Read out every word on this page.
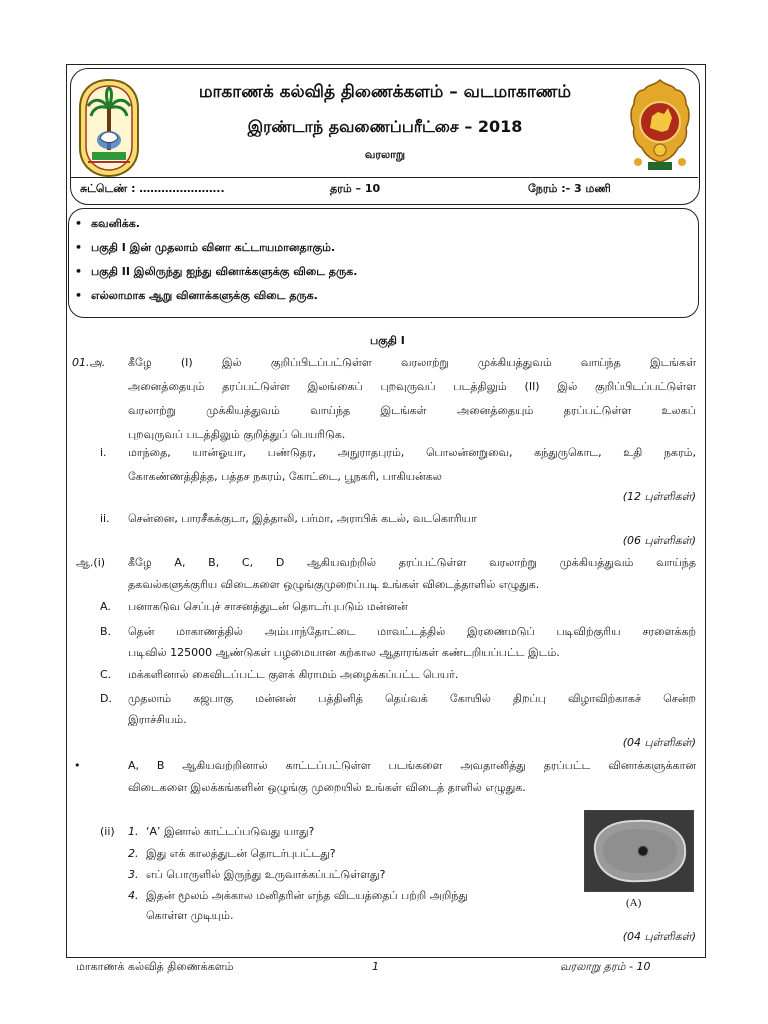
மாகாணக் கல்வித் திணைக்களம் – வடமாகாணம்
இரண்டாந் தவணைப்பரீட்சை – 2018
வரலாறு
சுட்டெண் : …………………..	தரம் – 10	நேரம் :- 3 மணி
• கவனிக்க.
• பகுதி I இன் முதலாம் வினா கட்டாயமானதாகும்.
• பகுதி II இலிருந்து ஐந்து வினாக்களுக்கு விடை தருக.
• எல்லாமாக ஆறு வினாக்களுக்கு விடை தருக.
பகுதி I
01.அ. கீழே (I) இல் குறிப்பிடப்பட்டுள்ள வரலாற்று முக்கியத்துவம் வாய்ந்த இடங்கள்
அனைத்தையும் தரப்பட்டுள்ள இலங்கைப் புறவுருவப் படத்திலும் (II) இல் குறிப்பிடப்பட்டுள்ள
வரலாற்று முக்கியத்துவம் வாய்ந்த இடங்கள் அனைத்தையும் தரப்பட்டுள்ள உலகப்
புறவுருவப் படத்திலும் குறித்துப் பெயரிடுக.
i. மாந்தை, யான்ஓயா, பண்டுதர, அநுராதபுரம், பொலன்னறுவை, கந்துருகொட, உதி நகரம்,
கோகண்ணத்தித்த, பத்தச நகரம், கோட்டை, பூநகரி, பாகியன்கல
(12 புள்ளிகள்)
ii. சென்னை, பாரசீகக்குடா, இத்தாலி, பர்மா, அராபிக் கடல், வடகொரியா
(06 புள்ளிகள்)
ஆ.(i) கீழே A, B, C, D ஆகியவற்றில் தரப்பட்டுள்ள வரலாற்று முக்கியத்துவம் வாய்ந்த
தகவல்களுக்குரிய விடைகளை ஒழுங்குமுறைப்படி உங்கள் விடைத்தாளில் எழுதுக.
A. பனாகடுவ செப்புச் சாசனத்துடன் தொடர்புபடும் மன்னன்
B. தென் மாகாணத்தில் அம்பாந்தோட்டை மாவட்டத்தில் இரணைமடுப் படிவிற்குரிய சரளைக்கற்
படிவில் 125000 ஆண்டுகள் பழமையான கற்கால ஆதாரங்கள் கண்டறியப்பட்ட இடம்.
C. மக்களினால் கைவிடப்பட்ட குளக் கிராமம் அழைக்கப்பட்ட பெயர்.
D. முதலாம் கஜபாகு மன்னன் பத்தினித் தெய்வக் கோயில் திறப்பு விழாவிற்காகச் சென்ற
இராச்சியம்.
(04 புள்ளிகள்)
•	A, B ஆகியவற்றினால் காட்டப்பட்டுள்ள படங்களை அவதானித்து தரப்பட்ட வினாக்களுக்கான
விடைகளை இலக்கங்களின் ஒழுங்கு முறையில் உங்கள் விடைத் தாளில் எழுதுக.
(ii) 1. ‘A’ இனால் காட்டப்படுவது யாது?
2. இது எக் காலத்துடன் தொடர்புபட்டது?
3. எப் பொருளில் இருந்து உருவாக்கப்பட்டுள்ளது?
4. இதன் மூலம் அக்கால மனிதரின் எந்த விடயத்தைப் பற்றி அறிந்து
கொள்ள முடியும்.
(A)
(04 புள்ளிகள்)
மாகாணக் கல்வித் திணைக்களம்	1	வரலாறு தரம் - 10
